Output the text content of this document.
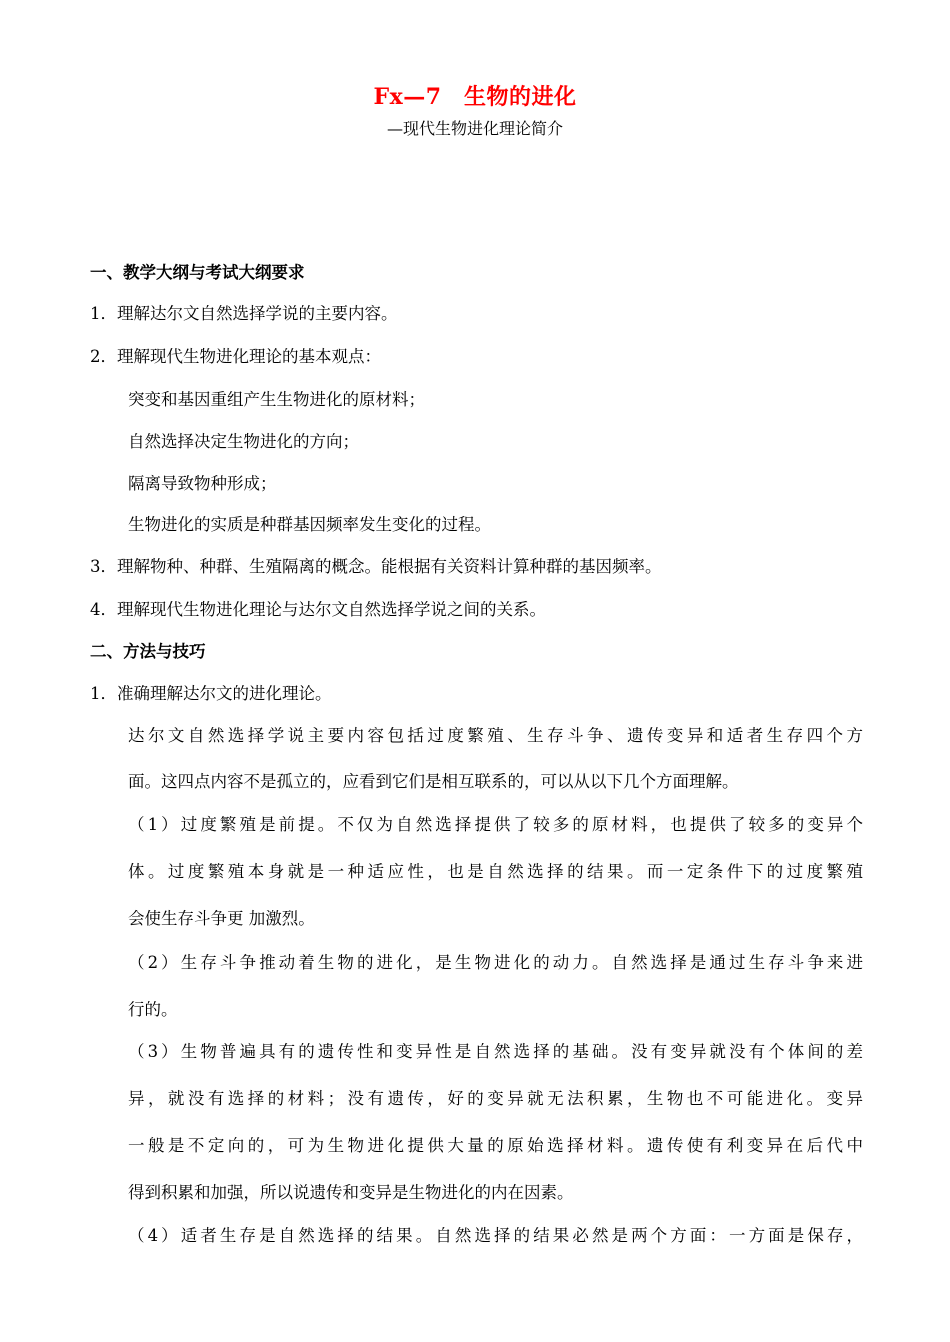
Fx—7　生物的进化
—现代生物进化理论简介
一、教学大纲与考试大纲要求
1．理解达尔文自然选择学说的主要内容。
2．理解现代生物进化理论的基本观点：
突变和基因重组产生生物进化的原材料；
自然选择决定生物进化的方向；
隔离导致物种形成；
生物进化的实质是种群基因频率发生变化的过程。
3．理解物种、种群、生殖隔离的概念。能根据有关资料计算种群的基因频率。
4．理解现代生物进化理论与达尔文自然选择学说之间的关系。
二、方法与技巧
1．准确理解达尔文的进化理论。
达尔文自然选择学说主要内容包括过度繁殖、生存斗争、遗传变异和适者生存四个方
面。这四点内容不是孤立的，应看到它们是相互联系的，可以从以下几个方面理解。
（1）过度繁殖是前提。不仅为自然选择提供了较多的原材料，也提供了较多的变异个
体。过度繁殖本身就是一种适应性，也是自然选择的结果。而一定条件下的过度繁殖
会使生存斗争更 加激烈。
（2）生存斗争推动着生物的进化，是生物进化的动力。自然选择是通过生存斗争来进
行的。
（3）生物普遍具有的遗传性和变异性是自然选择的基础。没有变异就没有个体间的差
异，就没有选择的材料；没有遗传，好的变异就无法积累，生物也不可能进化。变异
一般是不定向的，可为生物进化提供大量的原始选择材料。遗传使有利变异在后代中
得到积累和加强，所以说遗传和变异是生物进化的内在因素。
（4）适者生存是自然选择的结果。自然选择的结果必然是两个方面：一方面是保存，
